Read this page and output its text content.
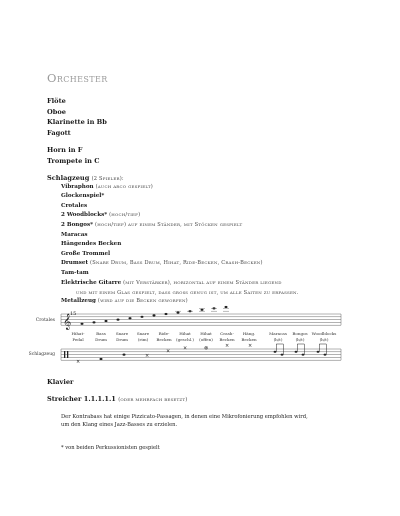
Orchester
Flöte
Oboe
Klarinette in Bb
Fagott
Horn in F
Trompete in C
Schlagzeug (2 Spieler):
Vibraphon (auch arco gespielt)
Glockenspiel*
Crotales
2 Woodblocks* (hoch/tief)
2 Bongos* (hoch/tief) auf einem Ständer, mit Stöcken gespielt
Maracas
Hängendes Becken
Große Trommel
Drumset (Snare Drum, Bass Drum, Hihat, Ride-Becken, Crash-Becken)
Tam-tam
Elektrische Gitarre (mit Verstärker), horizontal auf einem Ständer liegend
und mit einem Glas gespielt, dass groß genug ist, um alle Saiten zu erfassen.
Metallzeug (wird auf die Becken geworfen)
Crotales
Schlagzeug
𝄞
15
×
×
×	×	⊗	×	×
Hihat-
Pedal
Bass
Drum
Snare
Drum
Snare
(rim)
Ride-
Becken
Hihat
(geschl.)
Hihat
(offen)
Crash-
Becken
Häng.
Becken
Maracas
(h/t)
Bongos
(h/t)
Woodblocks
(h/t)
Klavier
Streicher 1.1.1.1.1 (oder mehrfach besetzt)
Der Kontrabass hat einige Pizzicato-Passagen, in denen eine Mikrofonierung empfohlen wird,
um den Klang eines Jazz-Basses zu erzielen.
* von beiden Perkussionisten gespielt
